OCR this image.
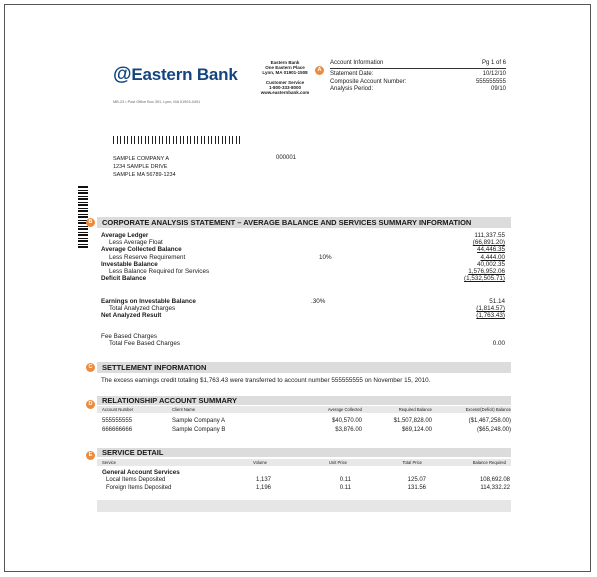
@Eastern Bank
Eastern Bank
One Eastern Place
Lynn, MA 01901-1508
Customer Service
1-800-333-8000
www.easternbank.com
A
Account Information	Pg 1 of 6
Statement Date:	10/12/10
Composite Account Number:	555555555
Analysis Period:	09/10
MB-23 • Post Office Box 391, Lynn, MA 01903-0491
SAMPLE COMPANY A
1234 SAMPLE DRIVE
SAMPLE MA 56789-1234
000001
B	CORPORATE ANALYSIS STATEMENT – AVERAGE BALANCE AND SERVICES SUMMARY INFORMATION
Average Ledger	111,337.55
Less Average Float	(66,891.20)
Average Collected Balance	44,446.35
Less Reserve Requirement	10%	4,444.00
Investable Balance	40,002.35
Less Balance Required for Services	1,576,952.06
Deficit Balance	(1,532,505.71)
Earnings on Investable Balance	.30%	51.14
Total Analyzed Charges	(1,814.57)
Net Analyzed Result	(1,763.43)
Fee Based Charges
Total Fee Based Charges	0.00
C	SETTLEMENT INFORMATION
The excess earnings credit totaling $1,763.43 were transferred to account number 555555555 on November 15, 2010.
D	RELATIONSHIP ACCOUNT SUMMARY
Account Number	Client Name	Average Collected	Required Balance	Excess/(Deficit) Balance
555555555	Sample Company A	$40,570.00	$1,507,828.00	($1,467,258.00)
666666666	Sample Company B	$3,876.00	$69,124.00	($65,248.00)
E	SERVICE DETAIL
Service	Volume	Unit Price	Total Price	Balance Required
General Account Services
Local Items Deposited	1,137	0.11	125.07	108,692.08
Foreign Items Deposited	1,196	0.11	131.56	114,332.22
